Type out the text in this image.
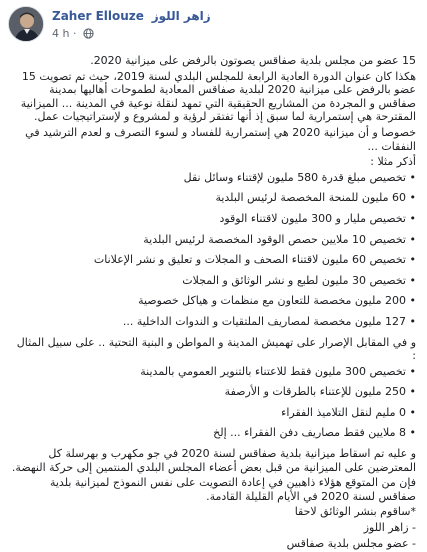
Zaher Ellouze زاهر اللوز
4 h ·

15 عضو من مجلس بلدية صفاقس يصوتون بالرفض على ميزانية 2020.

هكذا كان عنوان الدورة العادية الرابعة للمجلس البلدي لسنة 2019، حيث تم تصويت 15 عضو بالرفض على ميزانية 2020 لبلدية صفاقس المعادية لطموحات أهاليها بمدينة صفاقس و المجردة من المشاريع الحقيقية التي تمهد لنقلة نوعية في المدينة ... الميزانية المقترحة هي إستمرارية لما سبق إذ أنها تفتقر لرؤية و لمشروع و لإستراتيجيات عمل.

خصوصا و أن ميزانية 2020 هي إستمرارية للفساد و لسوء التصرف و لعدم الترشيد في النفقات ...

أذكر مثلا :

•
تخصيص مبلغ قدرة 580 مليون لإقتناء وسائل نقل
•
60 مليون للمنحة المخصصة لرئيس البلدية
•
تخصيص مليار و 300 مليون لاقتناء الوقود
•
تخصيص 10 ملايين حصص الوقود المخصصة لرئيس البلدية
•
تخصيص 60 مليون لاقتناء الصحف و المجلات و تعليق و نشر الإعلانات
•
تخصيص 30 مليون لطبع و نشر الوثائق و المجلات
•
200 مليون مخصصة للتعاون مع منظمات و هياكل خصوصية
•
127 مليون مخصصة لمصاريف الملتقيات و الندوات الداخلية ...

و في المقابل الإصرار على تهميش المدينة و المواطن و البنية التحتية .. على سبيل المثال :

•
تخصيص 300 مليون فقط للاعتناء بالتنوير العمومي بالمدينة
•
250 مليون للإعتناء بالطرقات و الأرصفة
•
0 مليم لنقل التلاميذ الفقراء
•
8 ملايين فقط مصاريف دفن الفقراء ... إلخ

و عليه تم اسقاط ميزانية بلدية صفاقس لسنة 2020 في جو مكهرب و بهرسلة كل المعترضين على الميزانية من قبل بعض أعضاء المجلس البلدي المنتمين إلى حركة النهضة.

فإن من المتوقع هؤلاء ذاهبين في إعادة التصويت على نفس النموذج لميزانية بلدية صفاقس لسنة 2020 في الأيام القليلة القادمة.

*ساقوم بنشر الوثائق لاحقا

- زاهر اللوز

- عضو مجلس بلدية صفاقس
